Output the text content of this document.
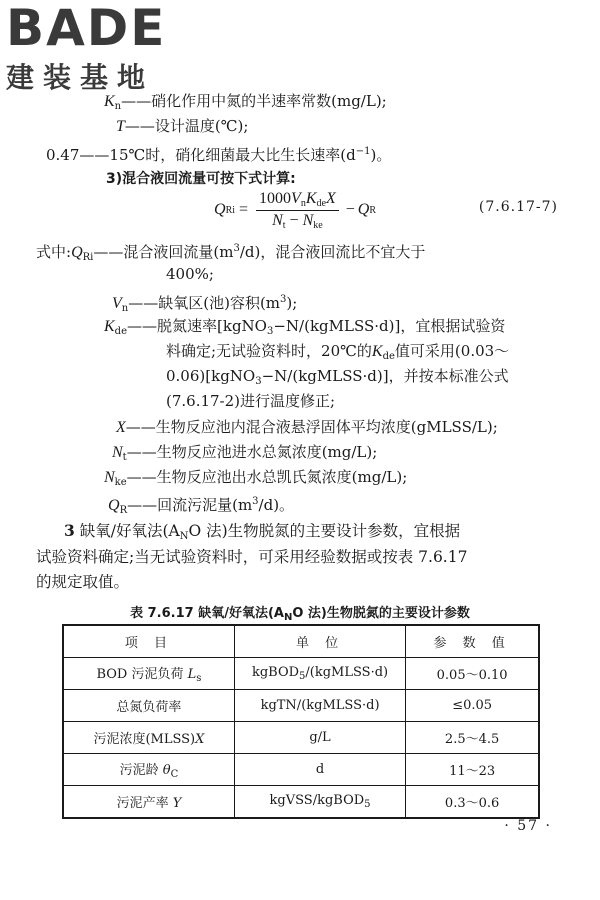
BADE
建装基地
$K_n——$硝化作用中氮的半速率常数(mg/L);
T——设计温度(℃);
0.47——15℃时，硝化细菌最大比生长速率$(d^{-1})$。
3)混合液回流量可按下式计算:
Q $Ri = \frac{1000V_nK_{de}X}{N_t - N_{ke}} - Q$ R	(7.6.17-7)
式中$:Q_{Ri}——$混合液回流量$(m^3/d)$，混合液回流比不宜大于
400%;
$V_n——$缺氧区(池)容积$(m^3)$;
$K_{de}——$脱氮速率[kgNO$_3$−N/(kgMLSS·d)]，宜根据试验资
料确定;无试验资料时，20℃的$K_{de}$值可采用(0.03～
0.06)[kgNO$_3$−N/(kgMLSS·d)]，并按本标准公式
(7.6.17-2)进行温度修正;
X——生物反应池内混合液悬浮固体平均浓度(gMLSS/L);
$N_t——$生物反应池进水总氮浓度(mg/L);
$N_{ke}——$生物反应池出水总凯氏氮浓度(mg/L);
$Q_R——$回流污泥量$(m^3/d)$。
3 缺氧/好氧法($A_NO$ 法)生物脱氮的主要设计参数，宜根据
试验资料确定;当无试验资料时，可采用经验数据或按表 7.6.17
的规定取值。
表 7.6.17 缺氧/好氧法($A_NO$ 法)生物脱氮的主要设计参数
项 目	单 位	参 数 值
BOD 污泥负荷 $L_s$	kgBOD$_5$/(kgMLSS·d)	0.05～0.10
总氮负荷率	kgTN/(kgMLSS·d)	≤0.05
污泥浓度(MLSS)X	g/L	2.5～4.5
污泥龄 $\theta_C$	d	11～23
污泥产率 Y	kgVSS/kgBOD$_5$	0.3～0.6
· 57 ·
